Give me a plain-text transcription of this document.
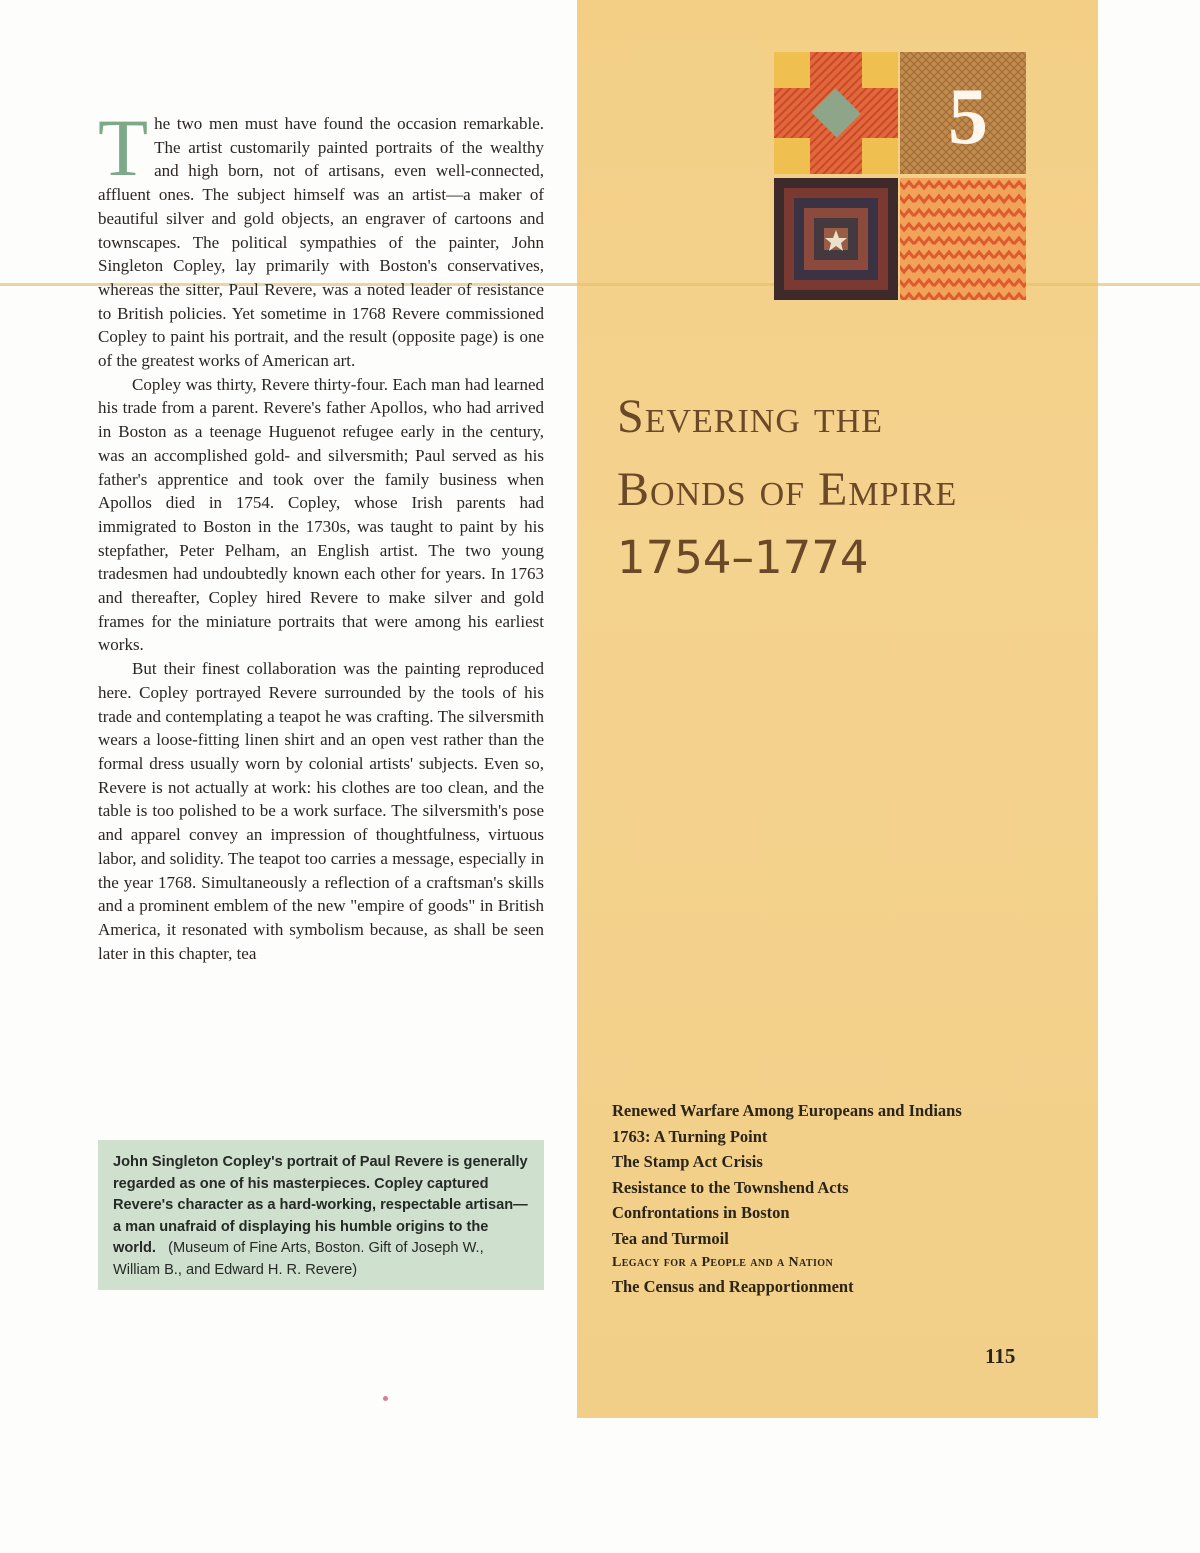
5
Severing the
Bonds of Empire
1754–1774

The two men must have found the occasion remarkable. The artist customarily painted portraits of the wealthy and high born, not of artisans, even well-connected, affluent ones. The subject himself was an artist—a maker of beautiful silver and gold objects, an engraver of cartoons and townscapes. The political sympathies of the painter, John Singleton Copley, lay primarily with Boston's conservatives, whereas the sitter, Paul Revere, was a noted leader of resistance to British policies. Yet sometime in 1768 Revere commissioned Copley to paint his portrait, and the result (opposite page) is one of the greatest works of American art.

Copley was thirty, Revere thirty-four. Each man had learned his trade from a parent. Revere's father Apollos, who had arrived in Boston as a teenage Huguenot refugee early in the century, was an accomplished gold- and silversmith; Paul served as his father's apprentice and took over the family business when Apollos died in 1754. Copley, whose Irish parents had immigrated to Boston in the 1730s, was taught to paint by his stepfather, Peter Pelham, an English artist. The two young tradesmen had undoubtedly known each other for years. In 1763 and thereafter, Copley hired Revere to make silver and gold frames for the miniature portraits that were among his earliest works.

But their finest collaboration was the painting reproduced here. Copley portrayed Revere surrounded by the tools of his trade and contemplating a teapot he was crafting. The silversmith wears a loose-fitting linen shirt and an open vest rather than the formal dress usually worn by colonial artists' subjects. Even so, Revere is not actually at work: his clothes are too clean, and the table is too polished to be a work surface. The silversmith's pose and apparel convey an impression of thoughtfulness, virtuous labor, and solidity. The teapot too carries a message, especially in the year 1768. Simultaneously a reflection of a craftsman's skills and a prominent emblem of the new "empire of goods" in British America, it resonated with symbolism because, as shall be seen later in this chapter, tea

John Singleton Copley's portrait of Paul Revere is generally regarded as one of his masterpieces. Copley captured Revere's character as a hard-working, respectable artisan—a man unafraid of displaying his humble origins to the world. (Museum of Fine Arts, Boston. Gift of Joseph W., William B., and Edward H. R. Revere)
Renewed Warfare Among Europeans and Indians
1763: A Turning Point
The Stamp Act Crisis
Resistance to the Townshend Acts
Confrontations in Boston
Tea and Turmoil
Legacy for a People and a Nation
The Census and Reapportionment
115
